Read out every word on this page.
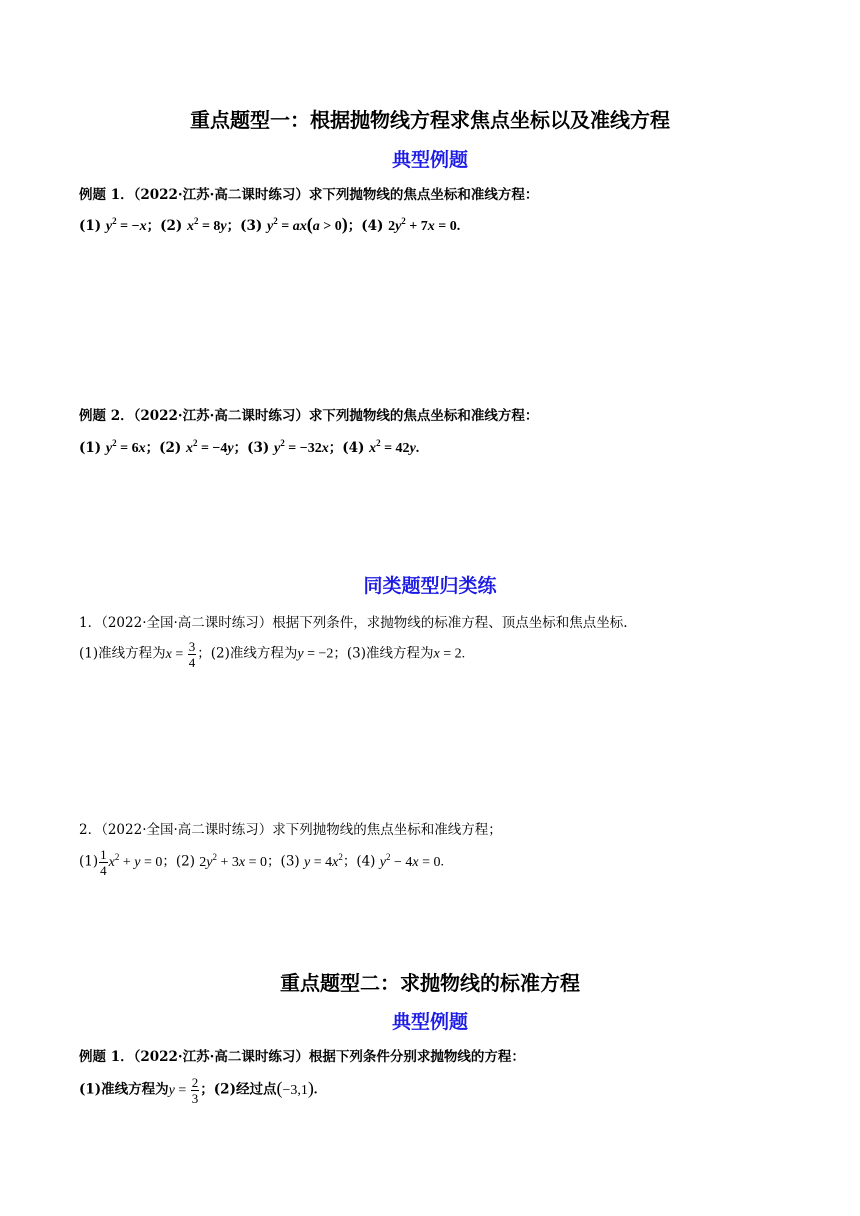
重点题型一：根据抛物线方程求焦点坐标以及准线方程
典型例题
例题 1．（2022·江苏·高二课时练习）求下列抛物线的焦点坐标和准线方程：
(1) $y^2 = -x$；(2) $x^2 = 8y$；(3) $y^2 = ax(a > 0)$；(4) $2y^2 + 7x = 0$.
例题 2．（2022·江苏·高二课时练习）求下列抛物线的焦点坐标和准线方程：
(1) $y^2 = 6x$；(2) $x^2 = -4y$；(3) $y^2 = -32x$；(4) $x^2 = 42y$.
同类题型归类练
1．（2022·全国·高二课时练习）根据下列条件，求抛物线的标准方程、顶点坐标和焦点坐标.
(1)准线方程为$x = \frac{3}{4}$ ；(2)准线方程为y = −2；(3)准线方程为x = 2.
2．（2022·全国·高二课时练习）求下列抛物线的焦点坐标和准线方程；
$(1) \frac{1}{4} x^2 + y = 0$；(2) $2y^2 + 3x = 0$；(3) $y = 4x^2$；(4) $y^2 - 4x = 0$.
重点题型二：求抛物线的标准方程
典型例题
例题 1．（2022·江苏·高二课时练习）根据下列条件分别求抛物线的方程：
(1)准线方程为$y = \frac{2}{3}$ ；(2)经过点(−3,1).
